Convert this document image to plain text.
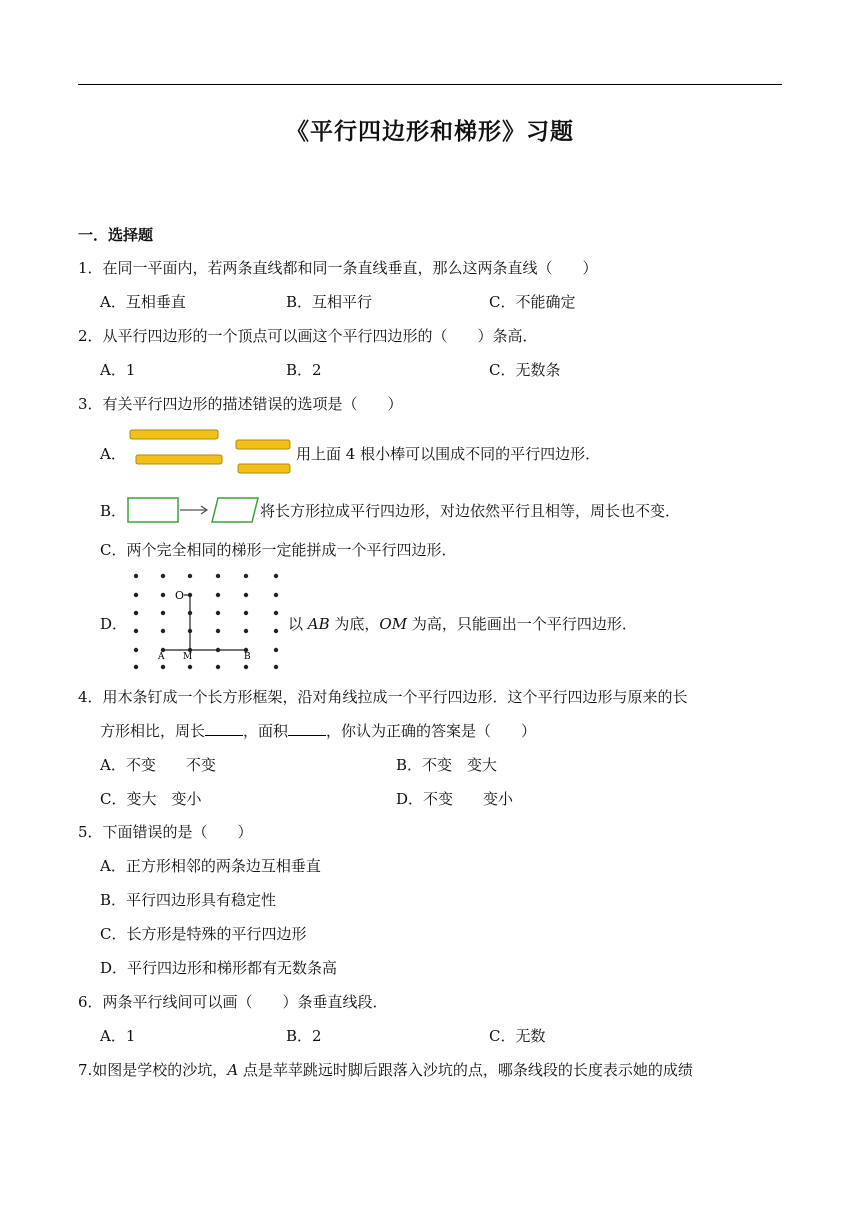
《平行四边形和梯形》习题
一．选择题
1．在同一平面内，若两条直线都和同一条直线垂直，那么这两条直线（　　）
A．互相垂直	B．互相平行	C．不能确定
2．从平行四边形的一个顶点可以画这个平行四边形的（　　）条高．
A．1	B．2	C．无数条
3．有关平行四边形的描述错误的选项是（　　）
A．	用上面 4 根小棒可以围成不同的平行四边形．
B．	将长方形拉成平行四边形，对边依然平行且相等，周长也不变．
C．两个完全相同的梯形一定能拼成一个平行四边形．
D．
O
A M	B
以 AB 为底，OM 为高，只能画出一个平行四边形．
4．用木条钉成一个长方形框架，沿对角线拉成一个平行四边形．这个平行四边形与原来的长
方形相比，周长	，面积	，你认为正确的答案是（　　）
A．不变　　不变	B．不变　变大
C．变大　变小	D．不变　　变小
5．下面错误的是（　　）
A．正方形相邻的两条边互相垂直
B．平行四边形具有稳定性
C．长方形是特殊的平行四边形
D．平行四边形和梯形都有无数条高
6．两条平行线间可以画（　　）条垂直线段．
A．1	B．2	C．无数
7.如图是学校的沙坑，A 点是苹苹跳远时脚后跟落入沙坑的点，哪条线段的长度表示她的成绩
